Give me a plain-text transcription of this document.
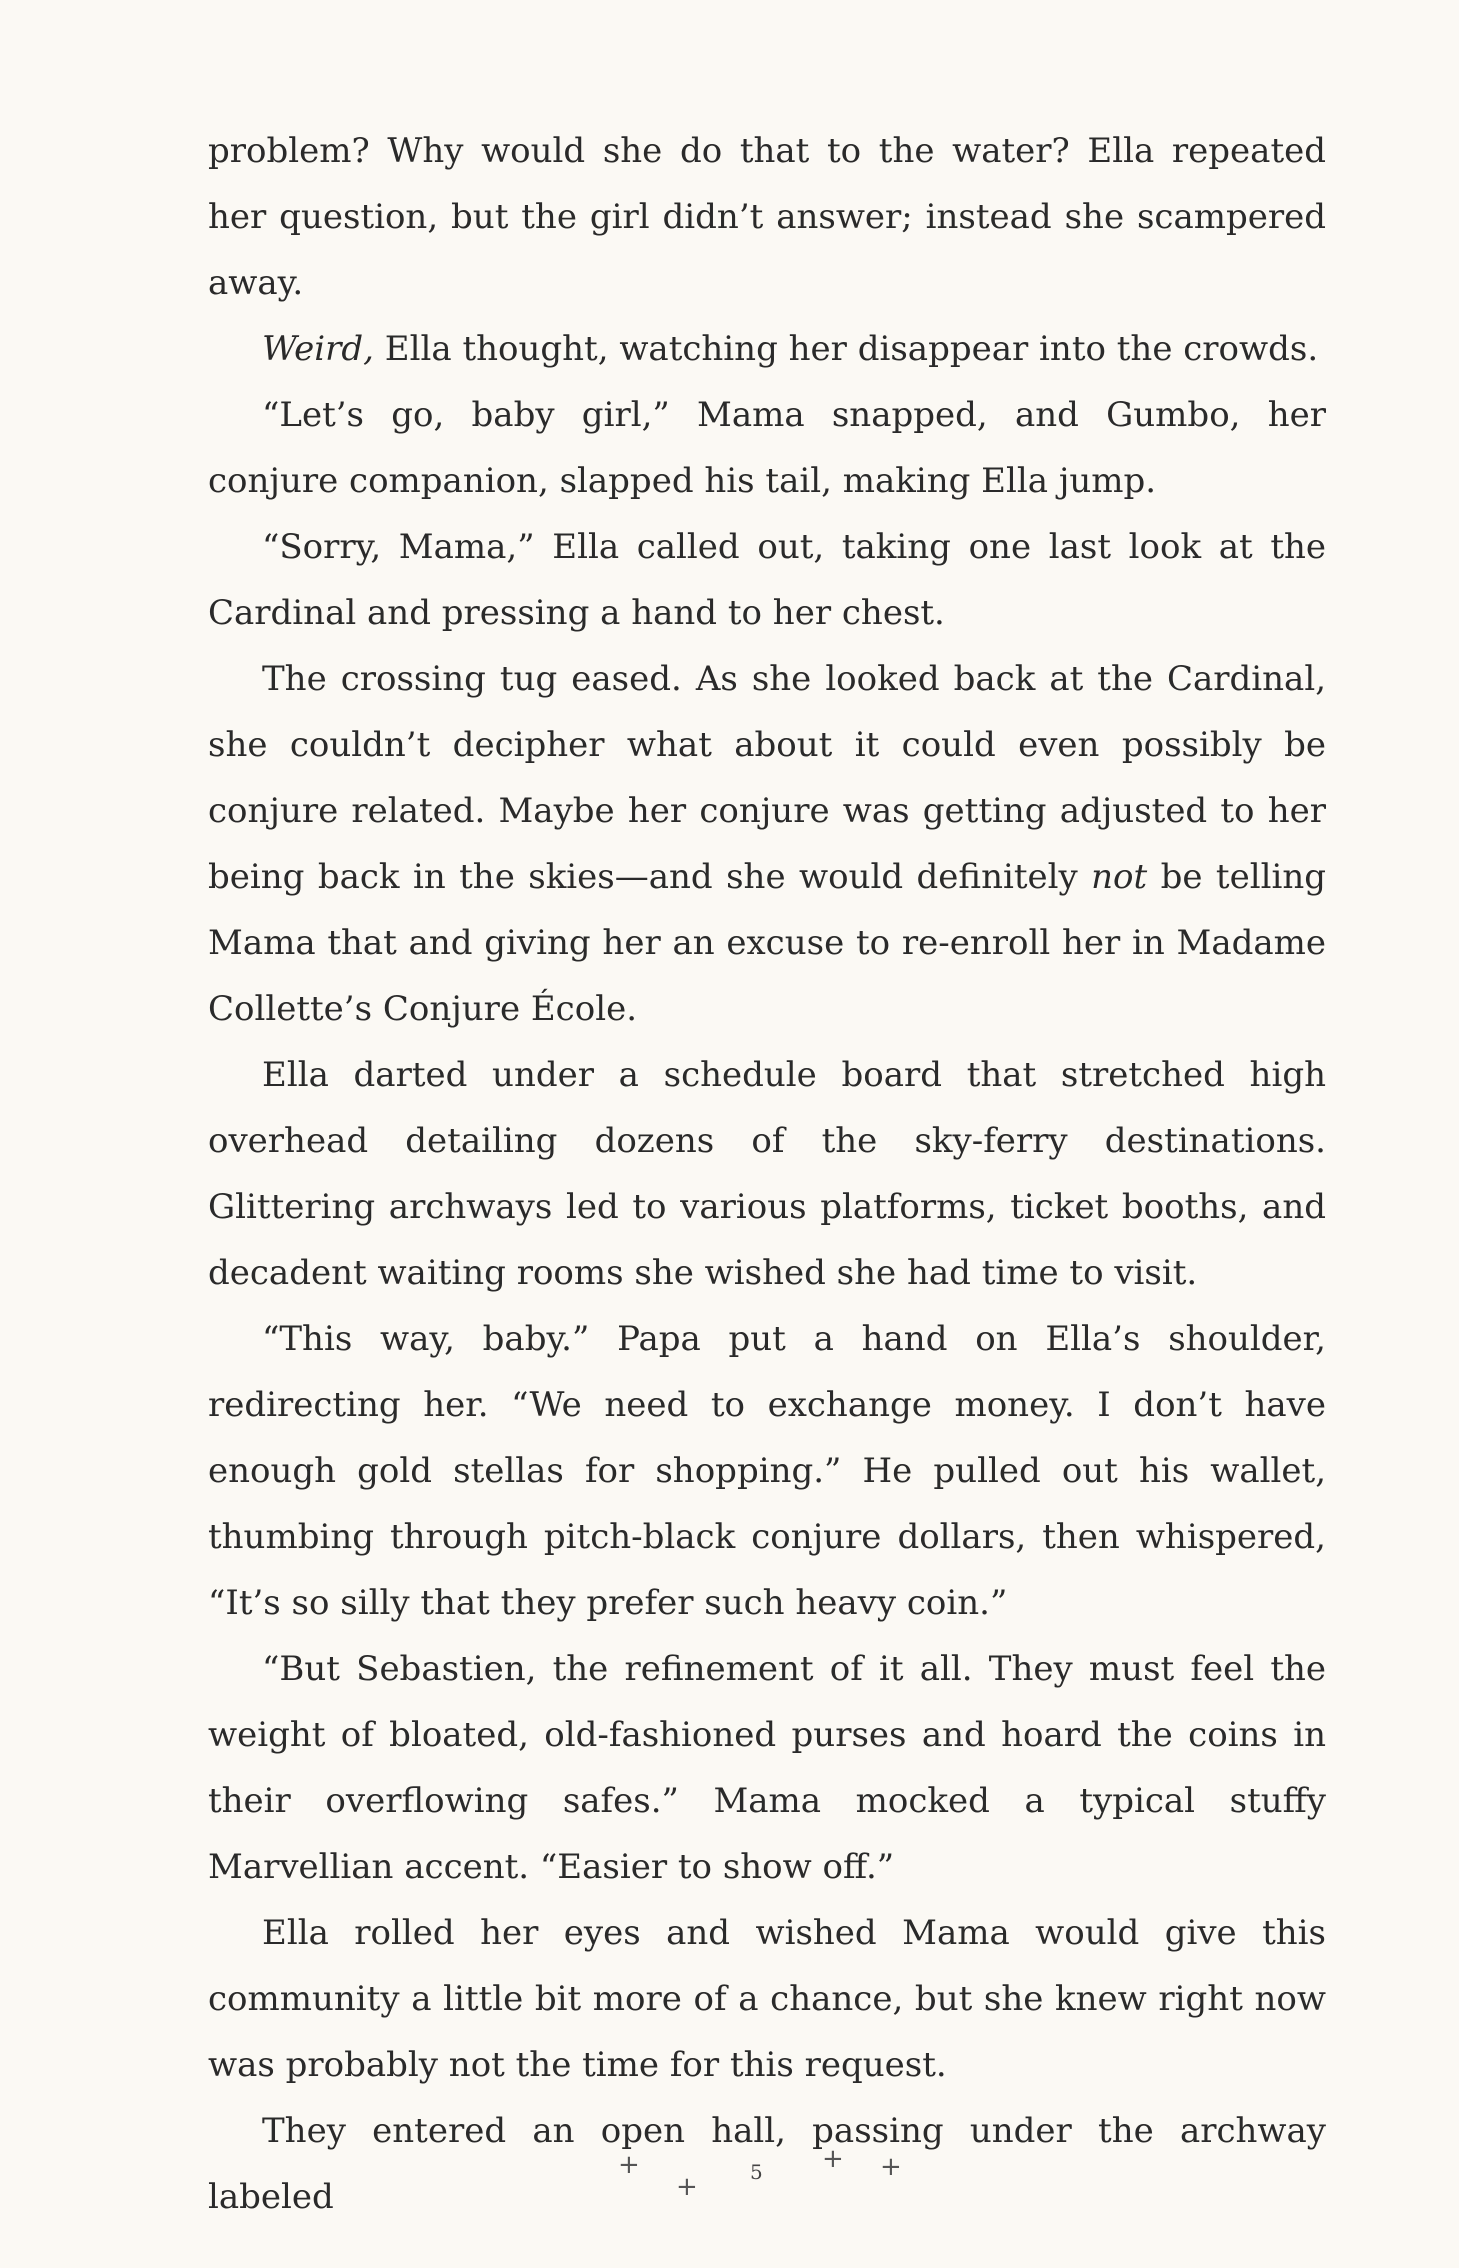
problem? Why would she do that to the water? Ella repeated her question, but the girl didn’t answer; instead she scampered away.

Weird, Ella thought, watching her disappear into the crowds.

“Let’s go, baby girl,” Mama snapped, and Gumbo, her conjure companion, slapped his tail, making Ella jump.

“Sorry, Mama,” Ella called out, taking one last look at the Cardinal and pressing a hand to her chest.

The crossing tug eased. As she looked back at the Cardinal, she couldn’t decipher what about it could even possibly be conjure related. Maybe her conjure was getting adjusted to her being back in the skies—and she would definitely not be telling Mama that and giving her an excuse to re-enroll her in Madame Collette’s Conjure École.

Ella darted under a schedule board that stretched high overhead detailing dozens of the sky-ferry destinations. Glittering archways led to various platforms, ticket booths, and decadent waiting rooms she wished she had time to visit.

“This way, baby.” Papa put a hand on Ella’s shoulder, redirecting her. “We need to exchange money. I don’t have enough gold stellas for shopping.” He pulled out his wallet, thumbing through pitch-black conjure dollars, then whispered, “It’s so silly that they prefer such heavy coin.”

“But Sebastien, the refinement of it all. They must feel the weight of bloated, old-fashioned purses and hoard the coins in their overflowing safes.” Mama mocked a typical stuffy Marvellian accent. “Easier to show off.”

Ella rolled her eyes and wished Mama would give this community a little bit more of a chance, but she knew right now was probably not the time for this request.

They entered an open hall, passing under the archway labeled

+
+	5 + +
